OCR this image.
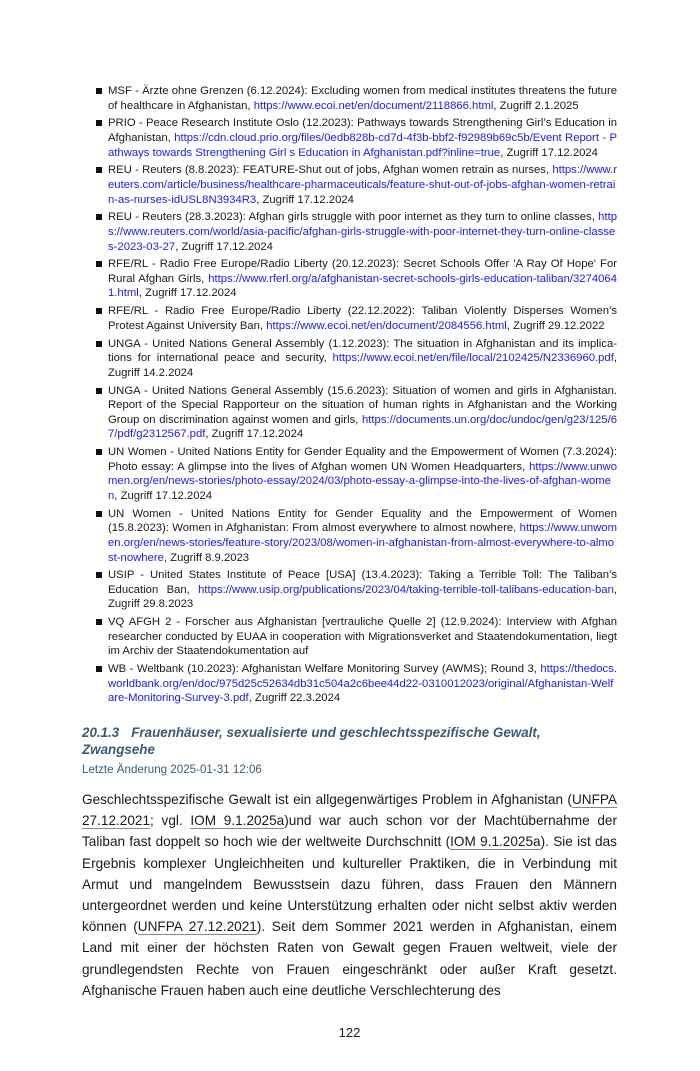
MSF - Ärzte ohne Grenzen (6.12.2024): Excluding women from medical institutes threatens the future of healthcare in Afghanistan, https://www.ecoi.net/en/document/2118866.html, Zugriff 2.1.2025
PRIO - Peace Research Institute Oslo (12.2023): Pathways towards Strengthening Girl’s Education in Afghanistan, https://cdn.cloud.prio.org/files/0edb828b-cd7d-4f3b-bbf2-f92989b69c5b/Event Report - Pathways towards Strengthening Girl s Education in Afghanistan.pdf?inline=true, Zugriff 17.12.2024
REU - Reuters (8.8.2023): FEATURE-Shut out of jobs, Afghan women retrain as nurses, https://www.reuters.com/article/business/healthcare-pharmaceuticals/feature-shut-out-of-jobs-afghan-women-retrain-as-nurses-idUSL8N3934R3, Zugriff 17.12.2024
REU - Reuters (28.3.2023): Afghan girls struggle with poor internet as they turn to online classes, https://www.reuters.com/world/asia-pacific/afghan-girls-struggle-with-poor-internet-they-turn-online-classes-2023-03-27, Zugriff 17.12.2024
RFE/RL - Radio Free Europe/Radio Liberty (20.12.2023): Secret Schools Offer 'A Ray Of Hope' For Rural Afghan Girls, https://www.rferl.org/a/afghanistan-secret-schools-girls-education-taliban/32740641.html, Zugriff 17.12.2024
RFE/RL - Radio Free Europe/Radio Liberty (22.12.2022): Taliban Violently Disperses Women’s Protest Against University Ban, https://www.ecoi.net/en/document/2084556.html, Zugriff 29.12.2022
UNGA - United Nations General Assembly (1.12.2023): The situation in Afghanistan and its implications for international peace and security, https://www.ecoi.net/en/file/local/2102425/N2336960.pdf, Zugriff 14.2.2024
UNGA - United Nations General Assembly (15.6.2023): Situation of women and girls in Afghanistan. Report of the Special Rapporteur on the situation of human rights in Afghanistan and the Working Group on discrimination against women and girls, https://documents.un.org/doc/undoc/gen/g23/125/67/pdf/g2312567.pdf, Zugriff 17.12.2024
UN Women - United Nations Entity for Gender Equality and the Empowerment of Women (7.3.2024): Photo essay: A glimpse into the lives of Afghan women UN Women Headquarters, https://www.unwomen.org/en/news-stories/photo-essay/2024/03/photo-essay-a-glimpse-into-the-lives-of-afghan-women, Zugriff 17.12.2024
UN Women - United Nations Entity for Gender Equality and the Empowerment of Women (15.8.2023): Women in Afghanistan: From almost everywhere to almost nowhere, https://www.unwomen.org/en/news-stories/feature-story/2023/08/women-in-afghanistan-from-almost-everywhere-to-almost-nowhere, Zugriff 8.9.2023
USIP - United States Institute of Peace [USA] (13.4.2023): Taking a Terrible Toll: The Taliban’s Education Ban, https://www.usip.org/publications/2023/04/taking-terrible-toll-talibans-education-ban, Zugriff 29.8.2023
VQ AFGH 2 - Forscher aus Afghanistan [vertrauliche Quelle 2] (12.9.2024): Interview with Afghan researcher conducted by EUAA in cooperation with Migrationsverket and Staatendokumentation, liegt im Archiv der Staatendokumentation auf
WB - Weltbank (10.2023): Afghanistan Welfare Monitoring Survey (AWMS); Round 3, https://thedocs.worldbank.org/en/doc/975d25c52634db31c504a2c6bee44d22-0310012023/original/Afghanistan-Welfare-Monitoring-Survey-3.pdf, Zugriff 22.3.2024
20.1.3 Frauenhäuser, sexualisierte und geschlechtsspezifische Gewalt, Zwangsehe
Letzte Änderung 2025-01-31 12:06

Geschlechtsspezifische Gewalt ist ein allgegenwärtiges Problem in Afghanistan (UNFPA 27.12.2021; vgl. IOM 9.1.2025a)und war auch schon vor der Machtübernahme der Taliban fast doppelt so hoch wie der weltweite Durchschnitt (IOM 9.1.2025a). Sie ist das Ergebnis komplexer Ungleichheiten und kultureller Praktiken, die in Verbindung mit Armut und mangelndem Bewusstsein dazu führen, dass Frauen den Männern untergeordnet werden und keine Unterstützung erhalten oder nicht selbst aktiv werden können (UNFPA 27.12.2021). Seit dem Sommer 2021 werden in Afghanistan, einem Land mit einer der höchsten Raten von Gewalt gegen Frauen weltweit, viele der grundlegendsten Rechte von Frauen eingeschränkt oder außer Kraft gesetzt. Afghanische Frauen haben auch eine deutliche Verschlechterung des

122
